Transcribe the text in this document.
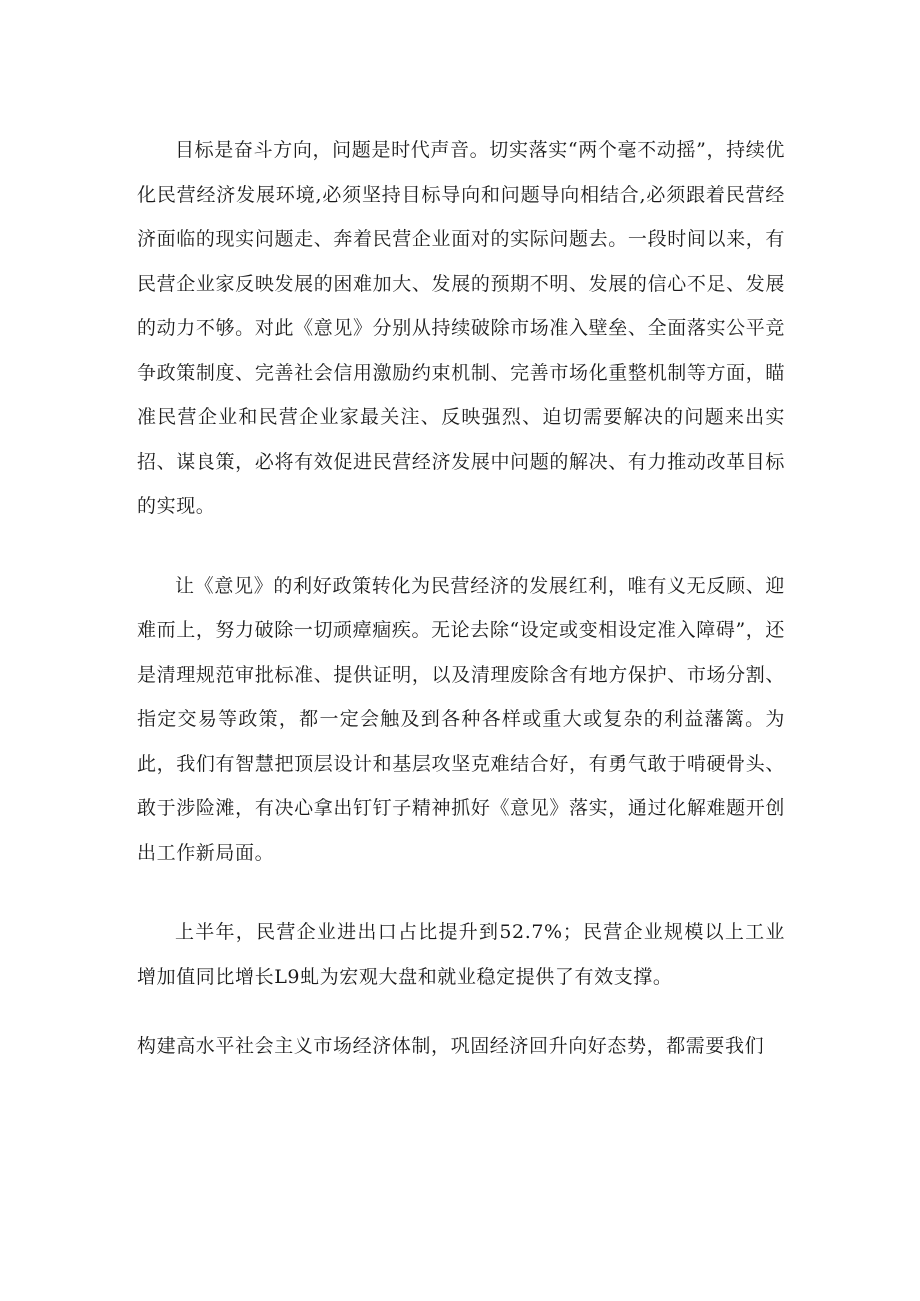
目标是奋斗方向，问题是时代声音。切实落实“两个毫不动摇”，持续优化民营经济发展环境,必须坚持目标导向和问题导向相结合,必须跟着民营经济面临的现实问题走、奔着民营企业面对的实际问题去。一段时间以来，有民营企业家反映发展的困难加大、发展的预期不明、发展的信心不足、发展的动力不够。对此《意见》分别从持续破除市场准入壁垒、全面落实公平竞争政策制度、完善社会信用激励约束机制、完善市场化重整机制等方面，瞄准民营企业和民营企业家最关注、反映强烈、迫切需要解决的问题来出实招、谋良策，必将有效促进民营经济发展中问题的解决、有力推动改革目标的实现。

让《意见》的利好政策转化为民营经济的发展红利，唯有义无反顾、迎难而上，努力破除一切顽瘴痼疾。无论去除“设定或变相设定准入障碍”，还是清理规范审批标准、提供证明，以及清理废除含有地方保护、市场分割、指定交易等政策，都一定会触及到各种各样或重大或复杂的利益藩篱。为此，我们有智慧把顶层设计和基层攻坚克难结合好，有勇气敢于啃硬骨头、敢于涉险滩，有决心拿出钉钉子精神抓好《意见》落实，通过化解难题开创出工作新局面。

上半年，民营企业进出口占比提升到52.7%；民营企业规模以上工业增加值同比增长L9虬为宏观大盘和就业稳定提供了有效支撑。

构建高水平社会主义市场经济体制，巩固经济回升向好态势，都需要我们
